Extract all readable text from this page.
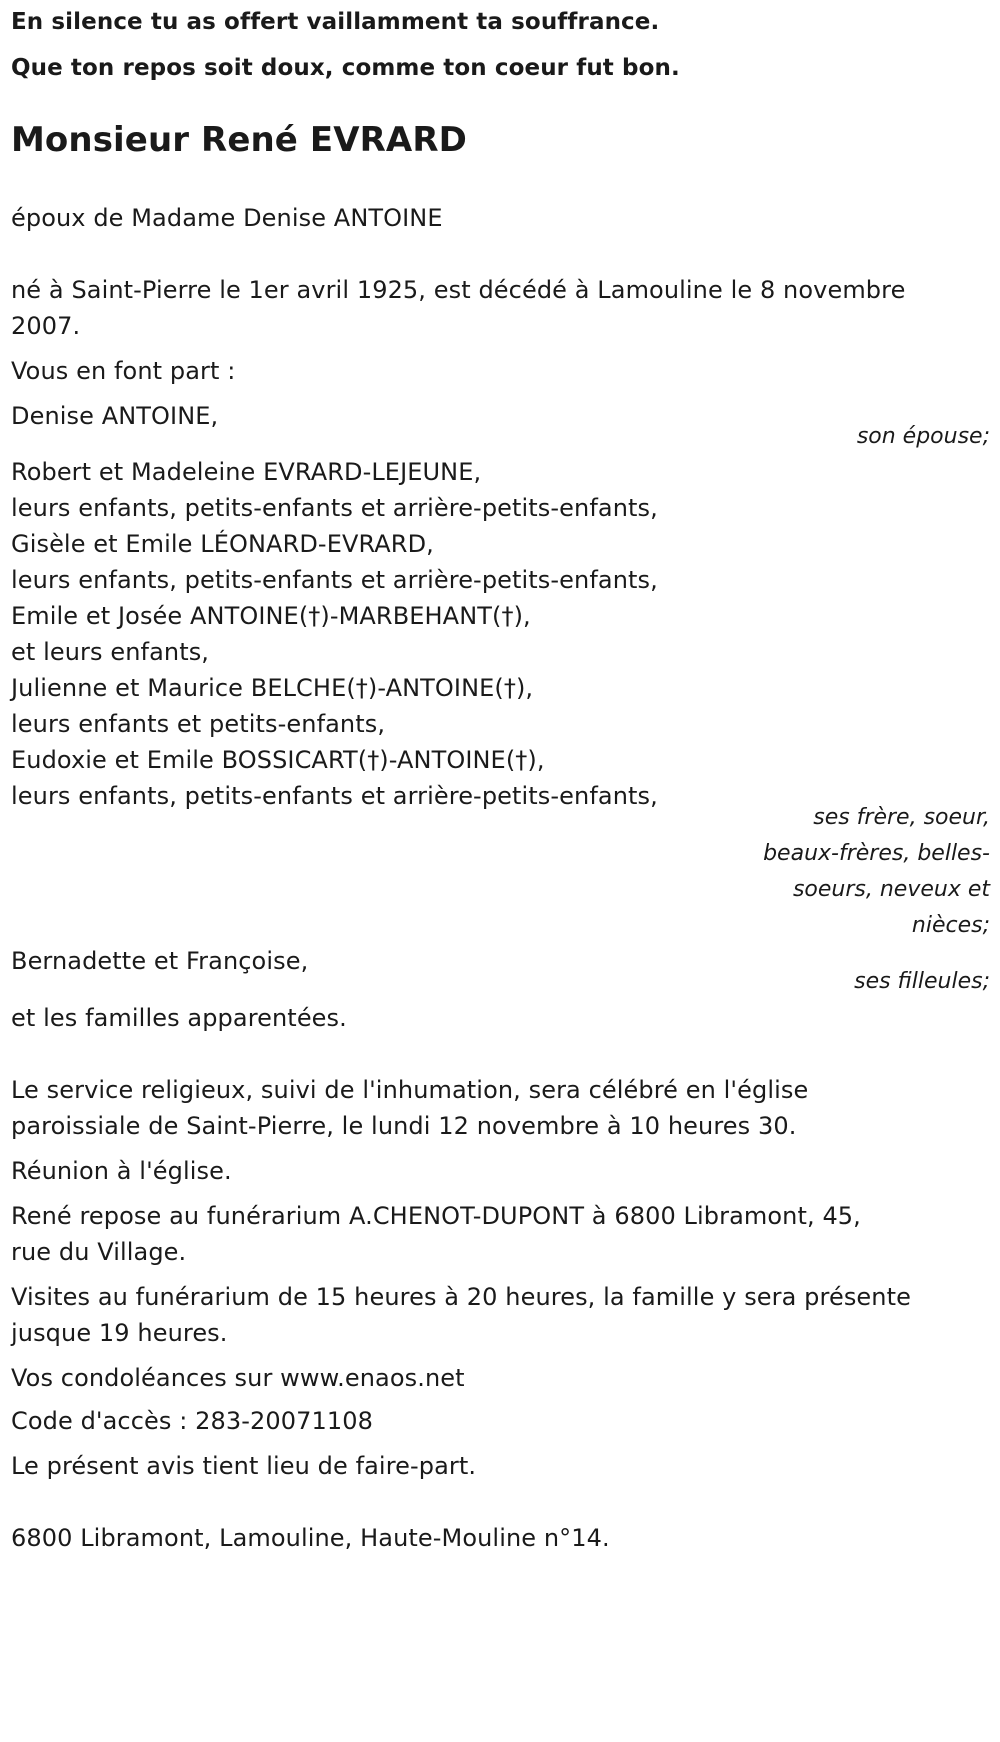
En silence tu as offert vaillamment ta souffrance.
Que ton repos soit doux, comme ton coeur fut bon.
Monsieur René EVRARD
époux de Madame Denise ANTOINE
né à Saint-Pierre le 1er avril 1925, est décédé à Lamouline le 8 novembre
2007.
Vous en font part :
Denise ANTOINE,
son épouse;
Robert et Madeleine EVRARD-LEJEUNE,
leurs enfants, petits-enfants et arrière-petits-enfants,
Gisèle et Emile LÉONARD-EVRARD,
leurs enfants, petits-enfants et arrière-petits-enfants,
Emile et Josée ANTOINE(†)-MARBEHANT(†),
et leurs enfants,
Julienne et Maurice BELCHE(†)-ANTOINE(†),
leurs enfants et petits-enfants,
Eudoxie et Emile BOSSICART(†)-ANTOINE(†),
leurs enfants, petits-enfants et arrière-petits-enfants,
ses frère, soeur,
beaux-frères, belles-
soeurs, neveux et
nièces;
Bernadette et Françoise,
ses filleules;
et les familles apparentées.
Le service religieux, suivi de l'inhumation, sera célébré en l'église
paroissiale de Saint-Pierre, le lundi 12 novembre à 10 heures 30.
Réunion à l'église.
René repose au funérarium A.CHENOT-DUPONT à 6800 Libramont, 45,
rue du Village.
Visites au funérarium de 15 heures à 20 heures, la famille y sera présente
jusque 19 heures.
Vos condoléances sur www.enaos.net
Code d'accès : 283-20071108
Le présent avis tient lieu de faire-part.
6800 Libramont, Lamouline, Haute-Mouline n°14.
